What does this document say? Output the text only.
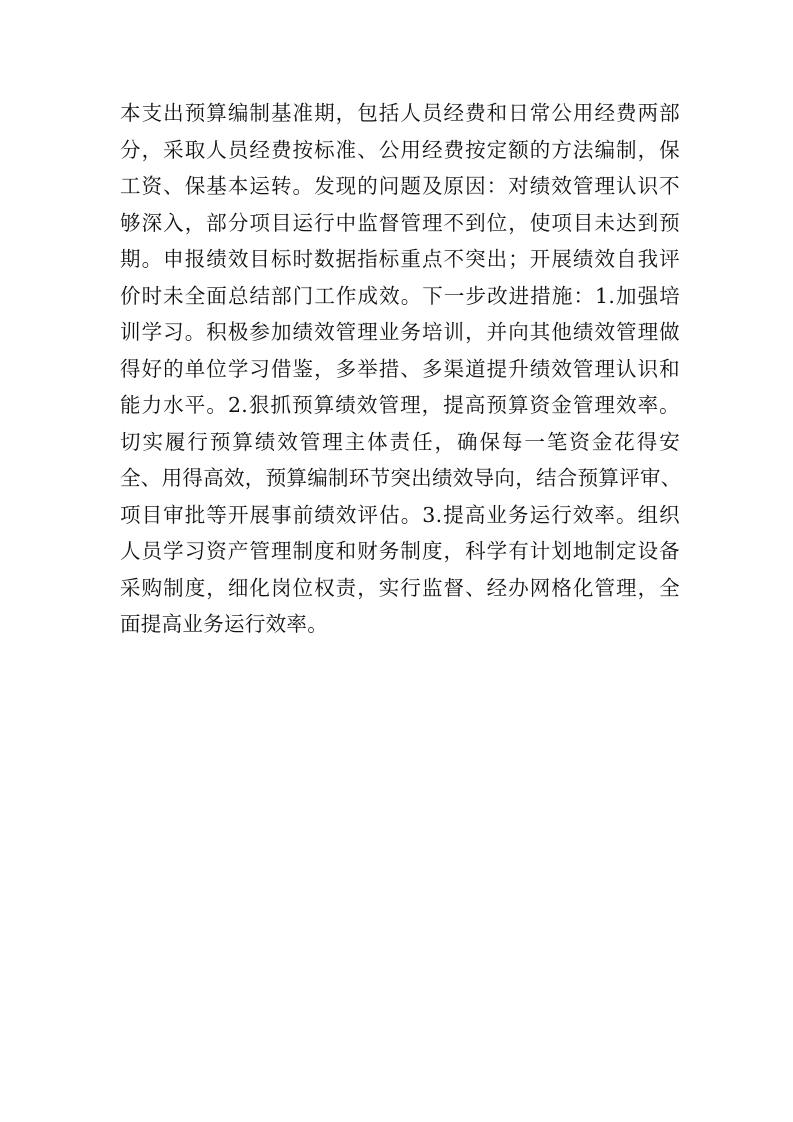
本支出预算编制基准期，包括人员经费和日常公用经费两部
分，采取人员经费按标准、公用经费按定额的方法编制，保
工资、保基本运转。发现的问题及原因：对绩效管理认识不
够深入，部分项目运行中监督管理不到位，使项目未达到预
期。申报绩效目标时数据指标重点不突出；开展绩效自我评
价时未全面总结部门工作成效。下一步改进措施：1.加强培
训学习。积极参加绩效管理业务培训，并向其他绩效管理做
得好的单位学习借鉴，多举措、多渠道提升绩效管理认识和
能力水平。2.狠抓预算绩效管理，提高预算资金管理效率。
切实履行预算绩效管理主体责任，确保每一笔资金花得安
全、用得高效，预算编制环节突出绩效导向，结合预算评审、
项目审批等开展事前绩效评估。3.提高业务运行效率。组织
人员学习资产管理制度和财务制度，科学有计划地制定设备
采购制度，细化岗位权责，实行监督、经办网格化管理，全
面提高业务运行效率。
